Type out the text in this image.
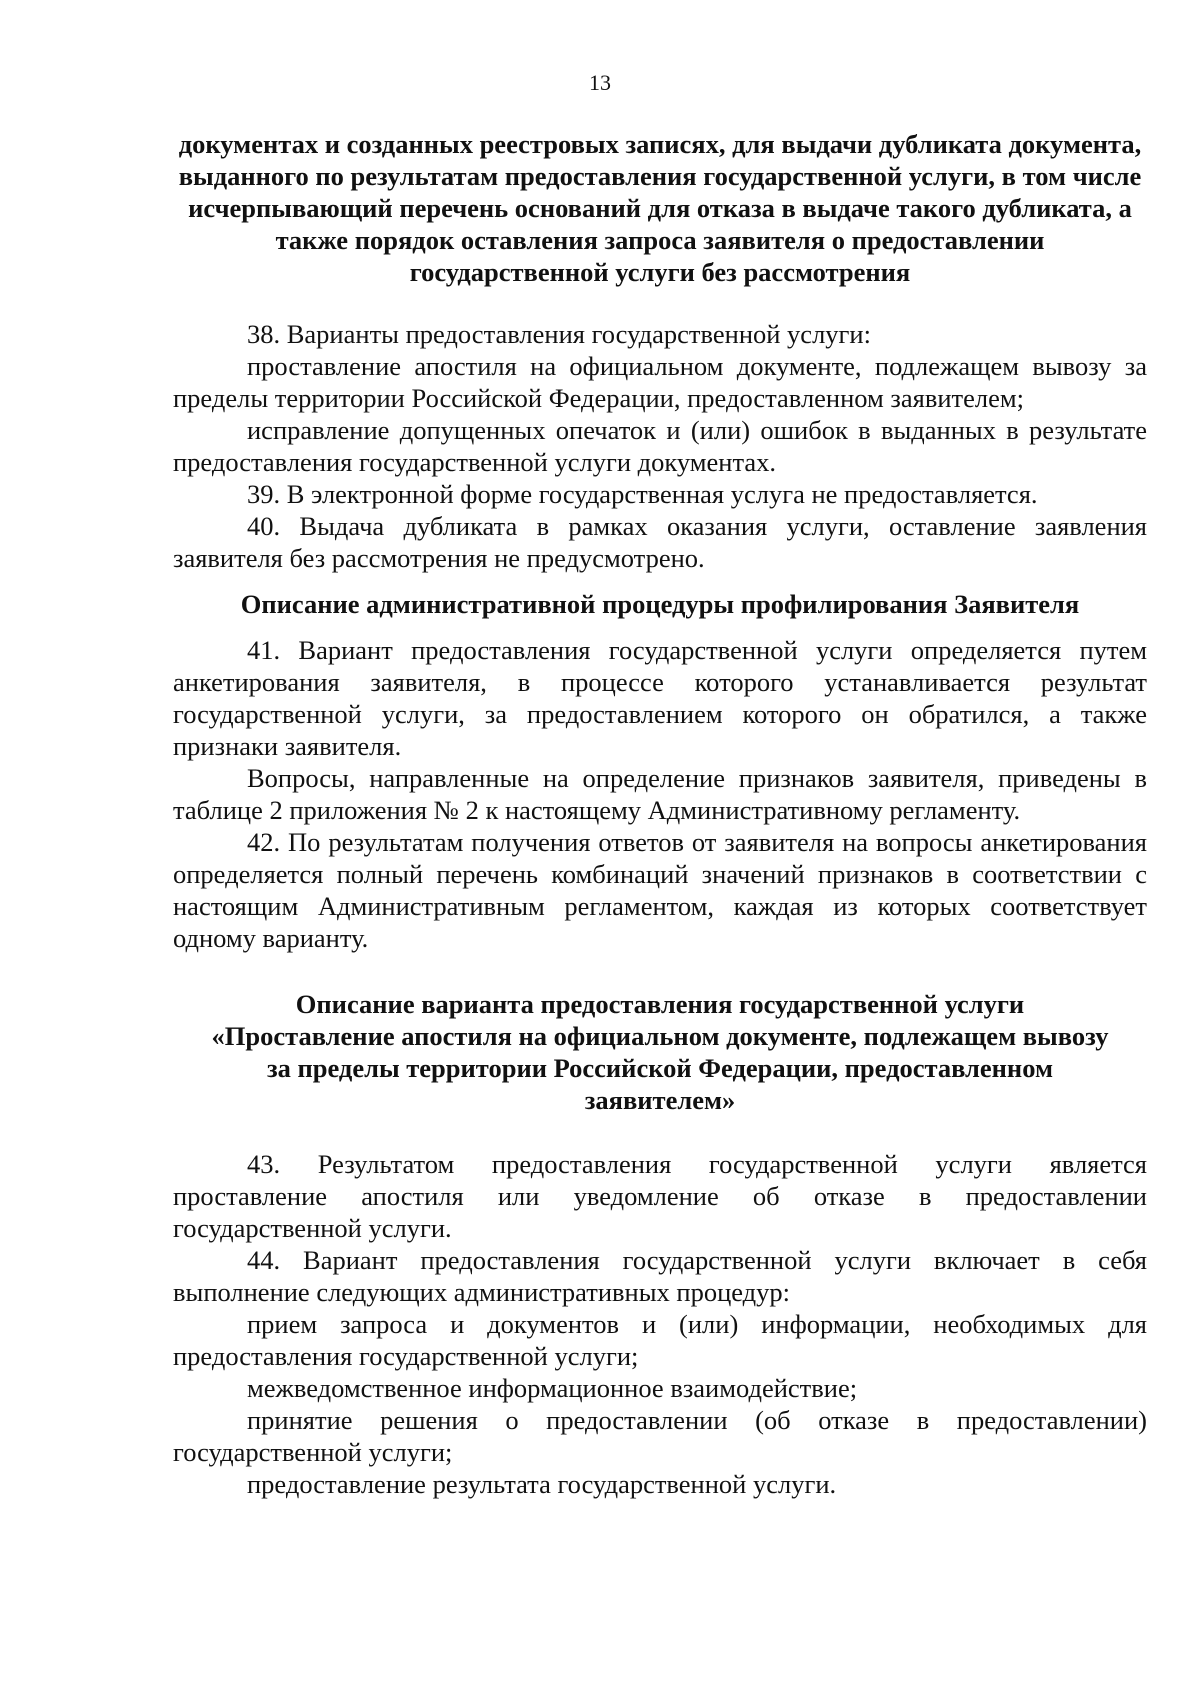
13

документах и созданных реестровых записях, для выдачи дубликата документа, выданного по результатам предоставления государственной услуги, в том числе исчерпывающий перечень оснований для отказа в выдаче такого дубликата, а также порядок оставления запроса заявителя о предоставлении государственной услуги без рассмотрения

38. Варианты предоставления государственной услуги:

проставление апостиля на официальном документе, подлежащем вывозу за пределы территории Российской Федерации, предоставленном заявителем;

исправление допущенных опечаток и (или) ошибок в выданных в результате предоставления государственной услуги документах.

39. В электронной форме государственная услуга не предоставляется.

40. Выдача дубликата в рамках оказания услуги, оставление заявления заявителя без рассмотрения не предусмотрено.

Описание административной процедуры профилирования Заявителя

41. Вариант предоставления государственной услуги определяется путем анкетирования заявителя, в процессе которого устанавливается результат государственной услуги, за предоставлением которого он обратился, а также признаки заявителя.

Вопросы, направленные на определение признаков заявителя, приведены в таблице 2 приложения № 2 к настоящему Административному регламенту.

42. По результатам получения ответов от заявителя на вопросы анкетирования определяется полный перечень комбинаций значений признаков в соответствии с настоящим Административным регламентом, каждая из которых соответствует одному варианту.

Описание варианта предоставления государственной услуги

«Проставление апостиля на официальном документе, подлежащем вывозу

за пределы территории Российской Федерации, предоставленном

заявителем»

43. Результатом предоставления государственной услуги является проставление апостиля или уведомление об отказе в предоставлении государственной услуги.

44. Вариант предоставления государственной услуги включает в себя выполнение следующих административных процедур:

прием запроса и документов и (или) информации, необходимых для предоставления государственной услуги;

межведомственное информационное взаимодействие;

принятие решения о предоставлении (об отказе в предоставлении) государственной услуги;

предоставление результата государственной услуги.
